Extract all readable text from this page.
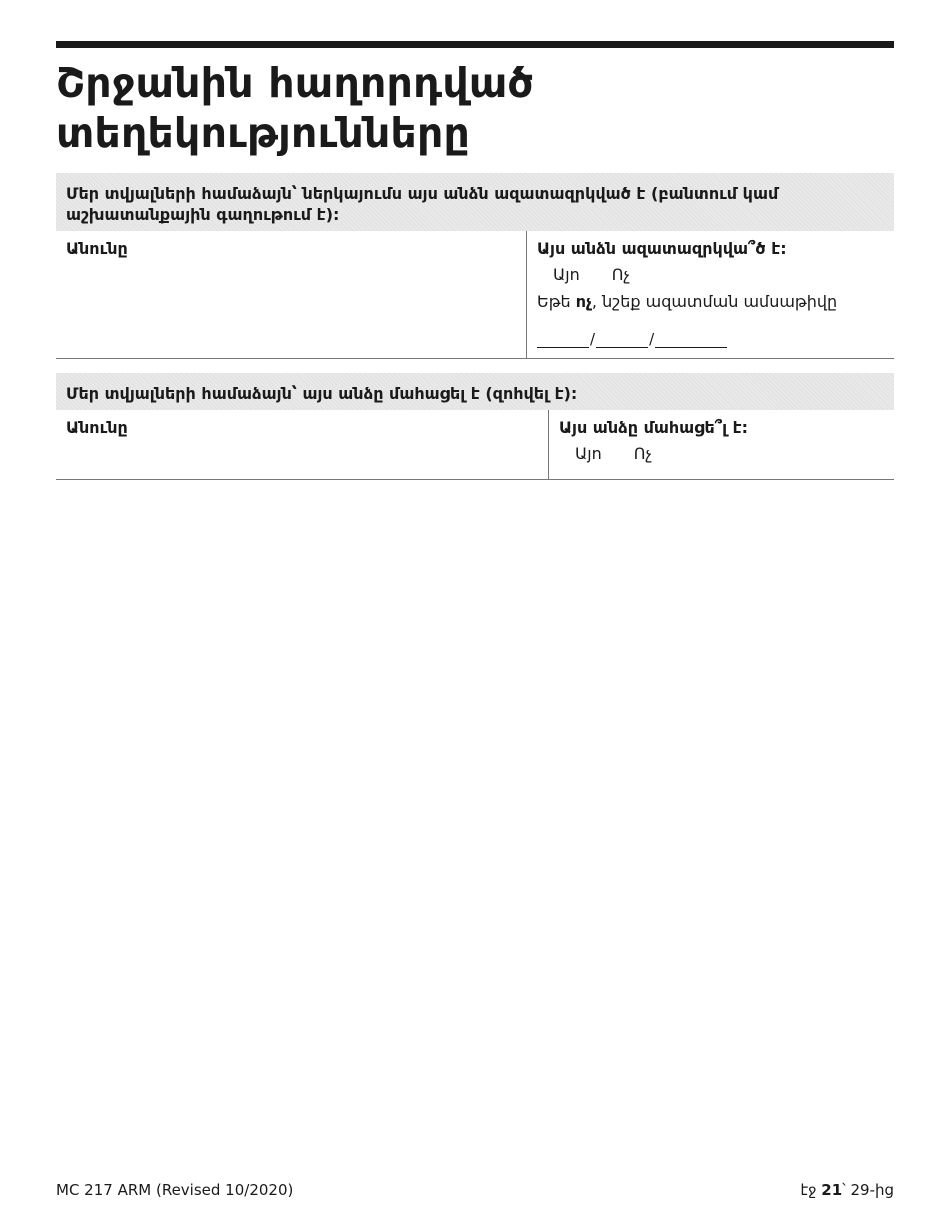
Շրջանին հաղորդված
տեղեկությունները
Մեր տվյալների համաձայն՝ ներկայումս այս անձն ազատազրկված է (բանտում կամ աշխատանքային գաղութում է):
Անունը	Այս անձն ազատազրկվա՞ծ է:
Այո Ոչ
Եթե ոչ, նշեք ազատման ամսաթիվը
/	/
Մեր տվյալների համաձայն՝ այս անձը մահացել է (զոհվել է):
Անունը	Այս անձը մահացե՞լ է:
Այո Ոչ
MC 217 ARM (Revised 10/2020)	էջ 21՝ 29-ից
